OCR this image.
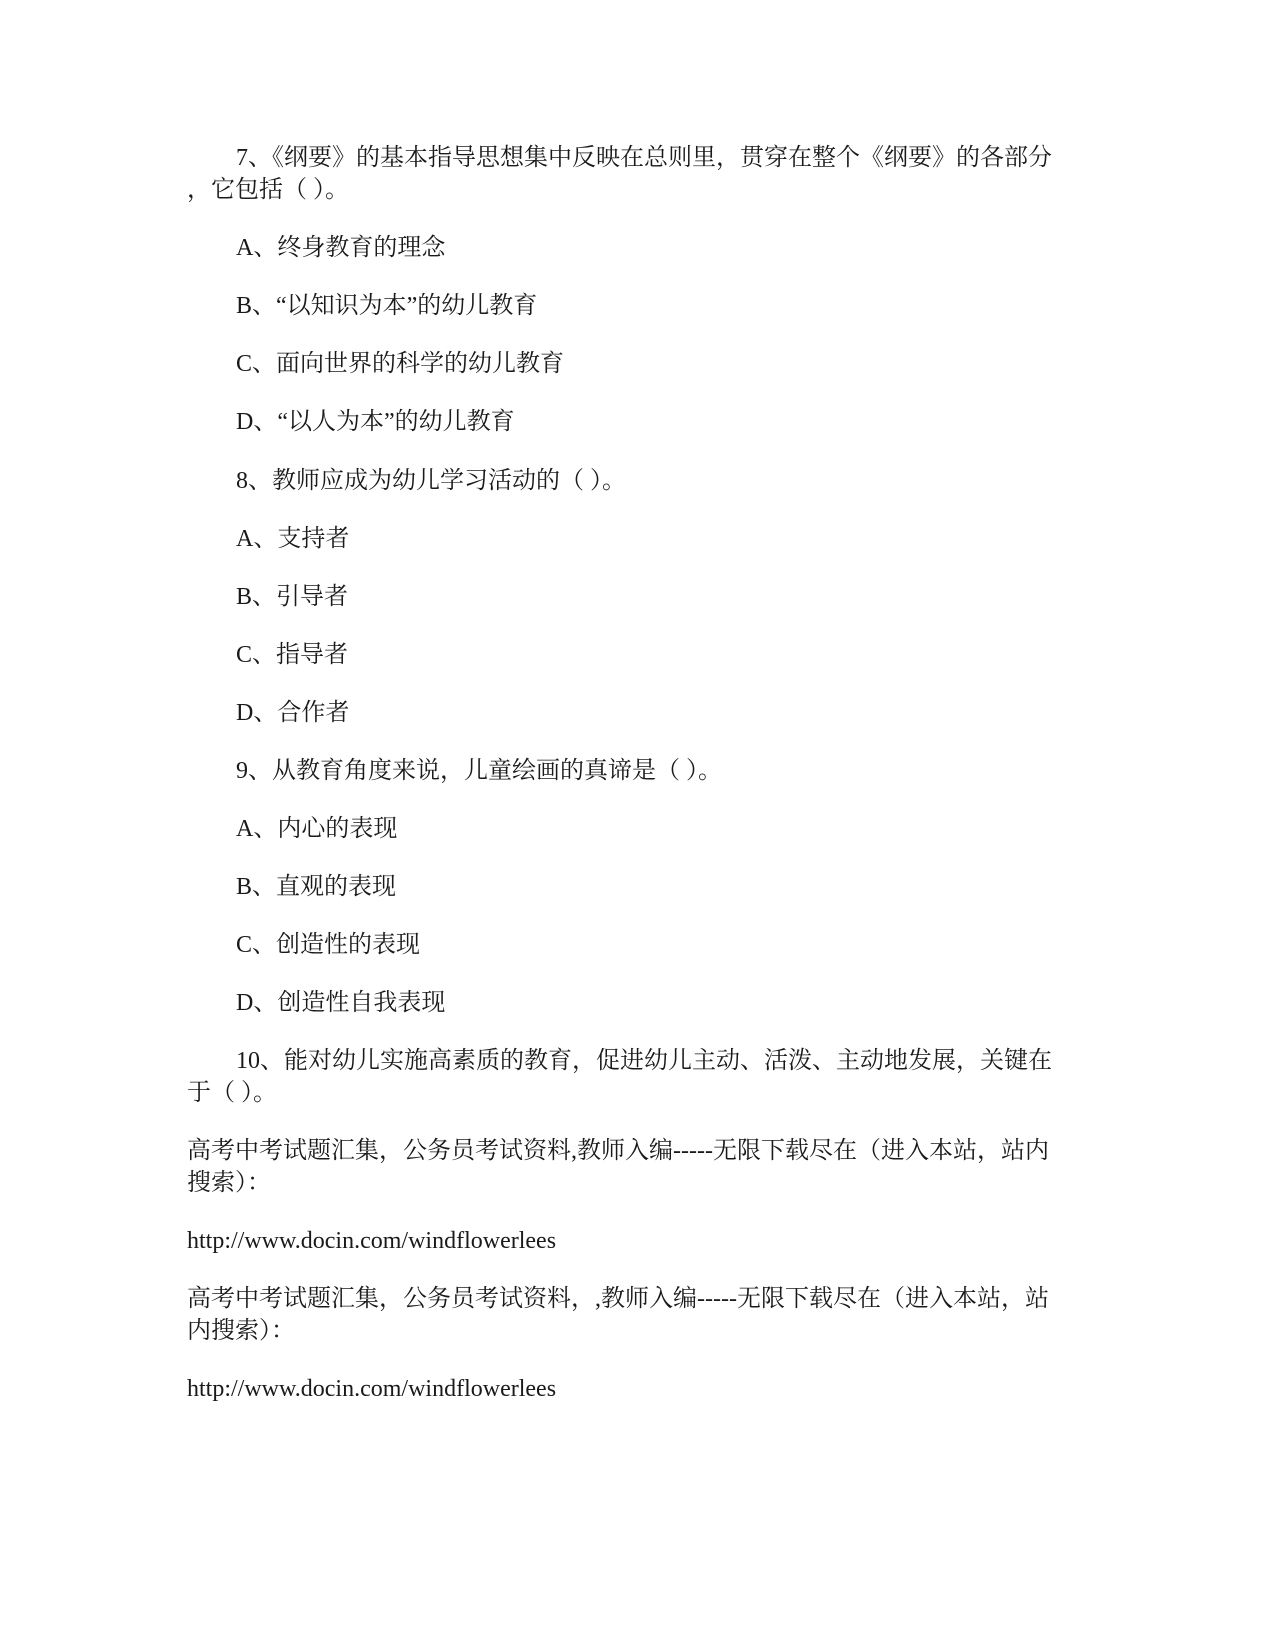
7、《纲要》的基本指导思想集中反映在总则里，贯穿在整个《纲要》的各部分
，它包括（ ）。
A、终身教育的理念
B、“以知识为本”的幼儿教育
C、面向世界的科学的幼儿教育
D、“以人为本”的幼儿教育
8、教师应成为幼儿学习活动的（ ）。
A、支持者
B、引导者
C、指导者
D、合作者
9、从教育角度来说，儿童绘画的真谛是（ ）。
A、内心的表现
B、直观的表现
C、创造性的表现
D、创造性自我表现
10、能对幼儿实施高素质的教育，促进幼儿主动、活泼、主动地发展，关键在
于（ ）。
高考中考试题汇集，公务员考试资料,教师入编-----无限下载尽在（进入本站，站内
搜索）：
http://www.docin.com/windflowerlees
高考中考试题汇集，公务员考试资料，,教师入编-----无限下载尽在（进入本站，站
内搜索）：
http://www.docin.com/windflowerlees
